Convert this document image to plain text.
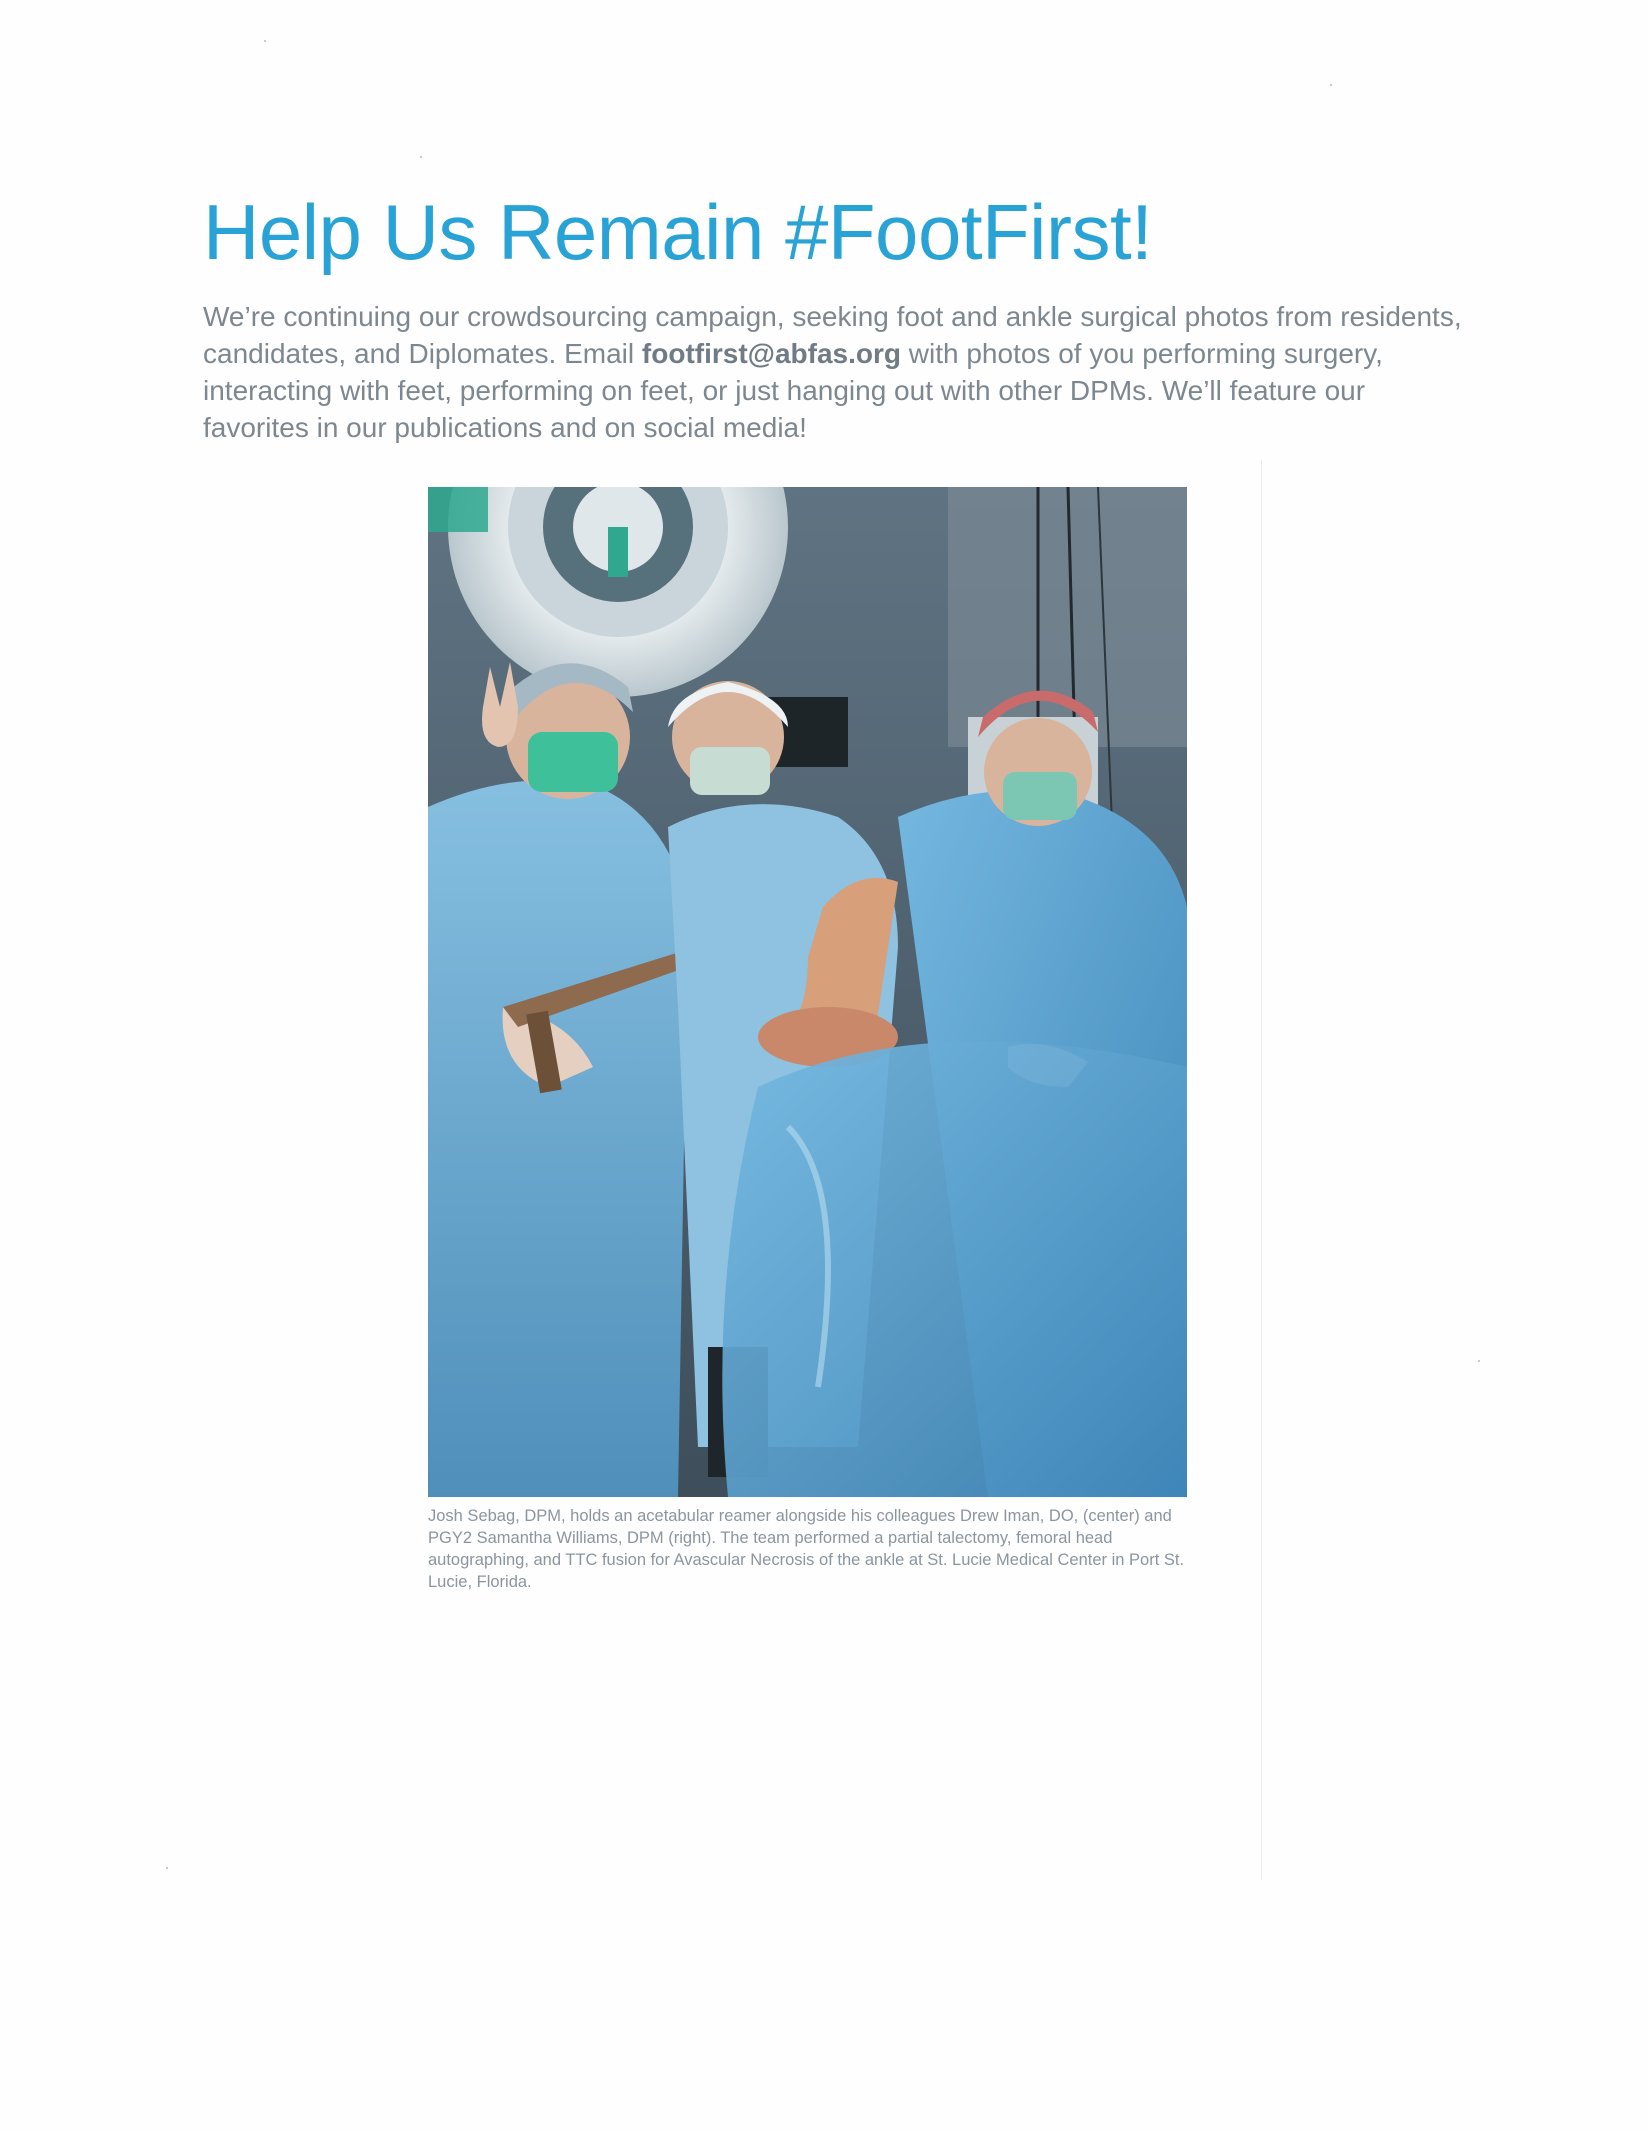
Help Us Remain #FootFirst!

We’re continuing our crowdsourcing campaign, seeking foot and ankle surgical photos from residents, candidates, and Diplomates. Email footfirst@abfas.org with photos of you performing surgery, interacting with feet, performing on feet, or just hanging out with other DPMs. We’ll feature our favorites in our publications and on social media!

Josh Sebag, DPM, holds an acetabular reamer alongside his colleagues Drew Iman, DO, (center) and PGY2 Samantha Williams, DPM (right). The team performed a partial talectomy, femoral head autographing, and TTC fusion for Avascular Necrosis of the ankle at St. Lucie Medical Center in Port St. Lucie, Florida.
